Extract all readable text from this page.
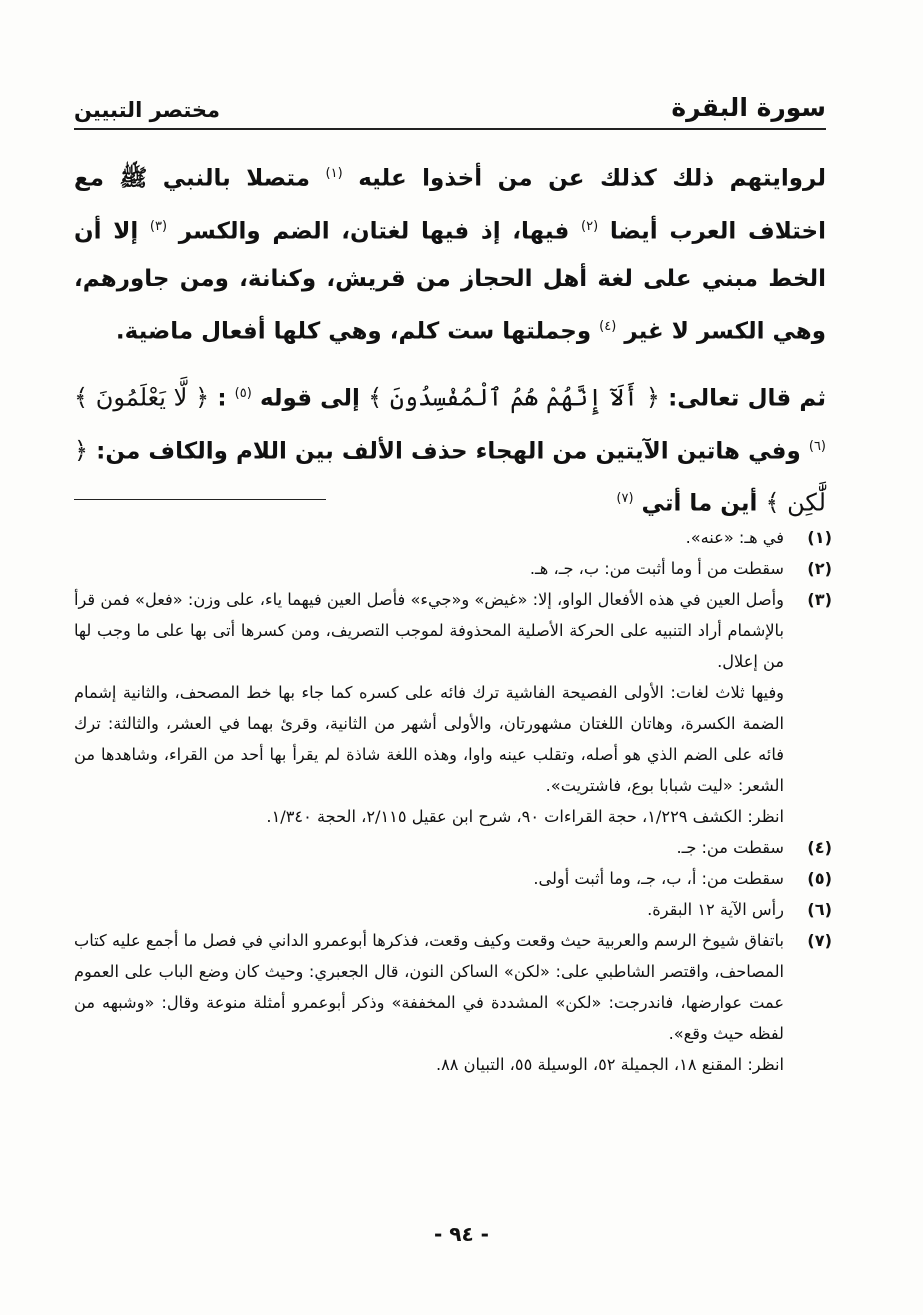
سورة البقرة
مختصر التبيين

لروايتهم ذلك كذلك عن من أخذوا عليه $^{(١)}$ متصلا بالنبي ﷺ مع اختلاف العرب أيضا $^{(٢)}$ فيها، إذ فيها لغتان، الضم والكسر $^{(٣)}$ إلا أن الخط مبني على لغة أهل الحجاز من قريش، وكنانة، ومن جاورهم، وهي الكسر لا غير $^{(٤)}$ وجملتها ست كلم، وهي كلها أفعال ماضية.

ثم قال تعالى: ﴿ أَلَآ إِنَّهُمْ هُمُ ٱلْمُفْسِدُونَ ﴾ إلى قوله $^{(٥)}$ : ﴿ لَّا يَعْلَمُونَ ﴾ $^{(٦)}$ وفي هاتين الآيتين من الهجاء حذف الألف بين اللام والكاف من: ﴿ لَّٰكِن ﴾ أين ما أتي $^{(٧)}$

(١)

في هـ: «عنه».

(٢)

سقطت من أ وما أثبت من: ب، جـ، هـ.

(٣)

وأصل العين في هذه الأفعال الواو، إلا: «غيض» و«جيء» فأصل العين فيهما ياء، على وزن: «فعل» فمن قرأ بالإشمام أراد التنبيه على الحركة الأصلية المحذوفة لموجب التصريف، ومن كسرها أتى بها على ما وجب لها من إعلال.

وفيها ثلاث لغات: الأولى الفصيحة الفاشية ترك فائه على كسره كما جاء بها خط المصحف، والثانية إشمام الضمة الكسرة، وهاتان اللغتان مشهورتان، والأولى أشهر من الثانية، وقرئ بهما في العشر، والثالثة: ترك فائه على الضم الذي هو أصله، وتقلب عينه واوا، وهذه اللغة شاذة لم يقرأ بها أحد من القراء، وشاهدها من الشعر: «ليت شبابا بوع، فاشتريت».

انظر: الكشف ١/٢٢٩، حجة القراءات ٩٠، شرح ابن عقيل ٢/١١٥، الحجة ١/٣٤٠.

(٤)

سقطت من: جـ.

(٥)

سقطت من: أ، ب، جـ، وما أثبت أولى.

(٦)

رأس الآية ١٢ البقرة.

(٧)

باتفاق شيوخ الرسم والعربية حيث وقعت وكيف وقعت، فذكرها أبوعمرو الداني في فصل ما أجمع عليه كتاب المصاحف، واقتصر الشاطبي على: «لكن» الساكن النون، قال الجعبري: وحيث كان وضع الباب على العموم عمت عوارضها، فاندرجت: «لكن» المشددة في المخففة» وذكر أبوعمرو أمثلة منوعة وقال: «وشبهه من لفظه حيث وقع».

انظر: المقنع ١٨، الجميلة ٥٢، الوسيلة ٥٥، التبيان ٨٨.

- ٩٤ -
